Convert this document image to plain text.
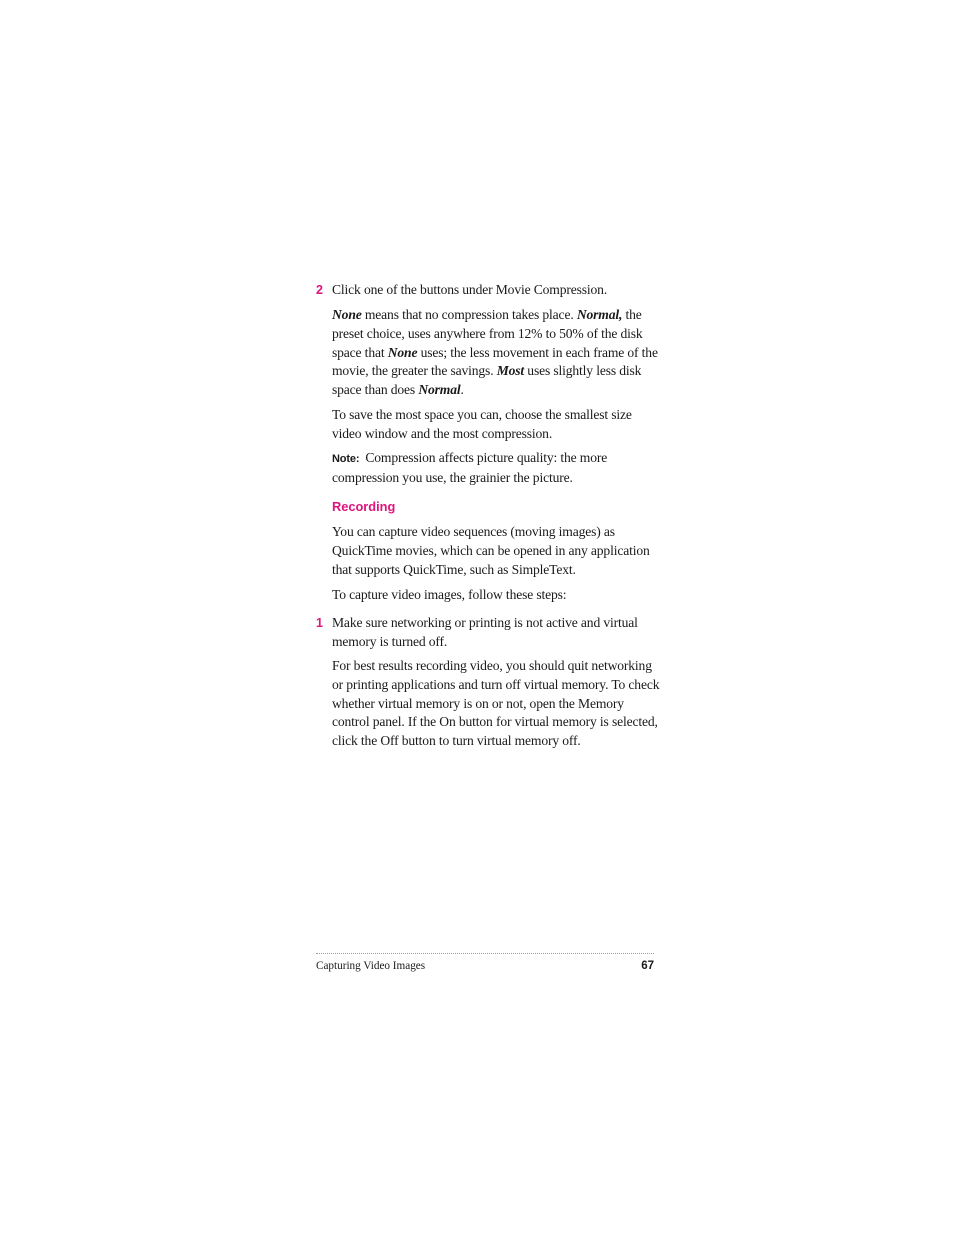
2 Click one of the buttons under Movie Compression.
None means that no compression takes place. Normal, the preset choice, uses anywhere from 12% to 50% of the disk space that None uses; the less movement in each frame of the movie, the greater the savings. Most uses slightly less disk space than does Normal.
To save the most space you can, choose the smallest size video window and the most compression.
Note: Compression affects picture quality: the more compression you use, the grainier the picture.
Recording
You can capture video sequences (moving images) as QuickTime movies, which can be opened in any application that supports QuickTime, such as SimpleText.
To capture video images, follow these steps:
1 Make sure networking or printing is not active and virtual memory is turned off.
For best results recording video, you should quit networking or printing applications and turn off virtual memory. To check whether virtual memory is on or not, open the Memory control panel. If the On button for virtual memory is selected, click the Off button to turn virtual memory off.
Capturing Video Images	67
